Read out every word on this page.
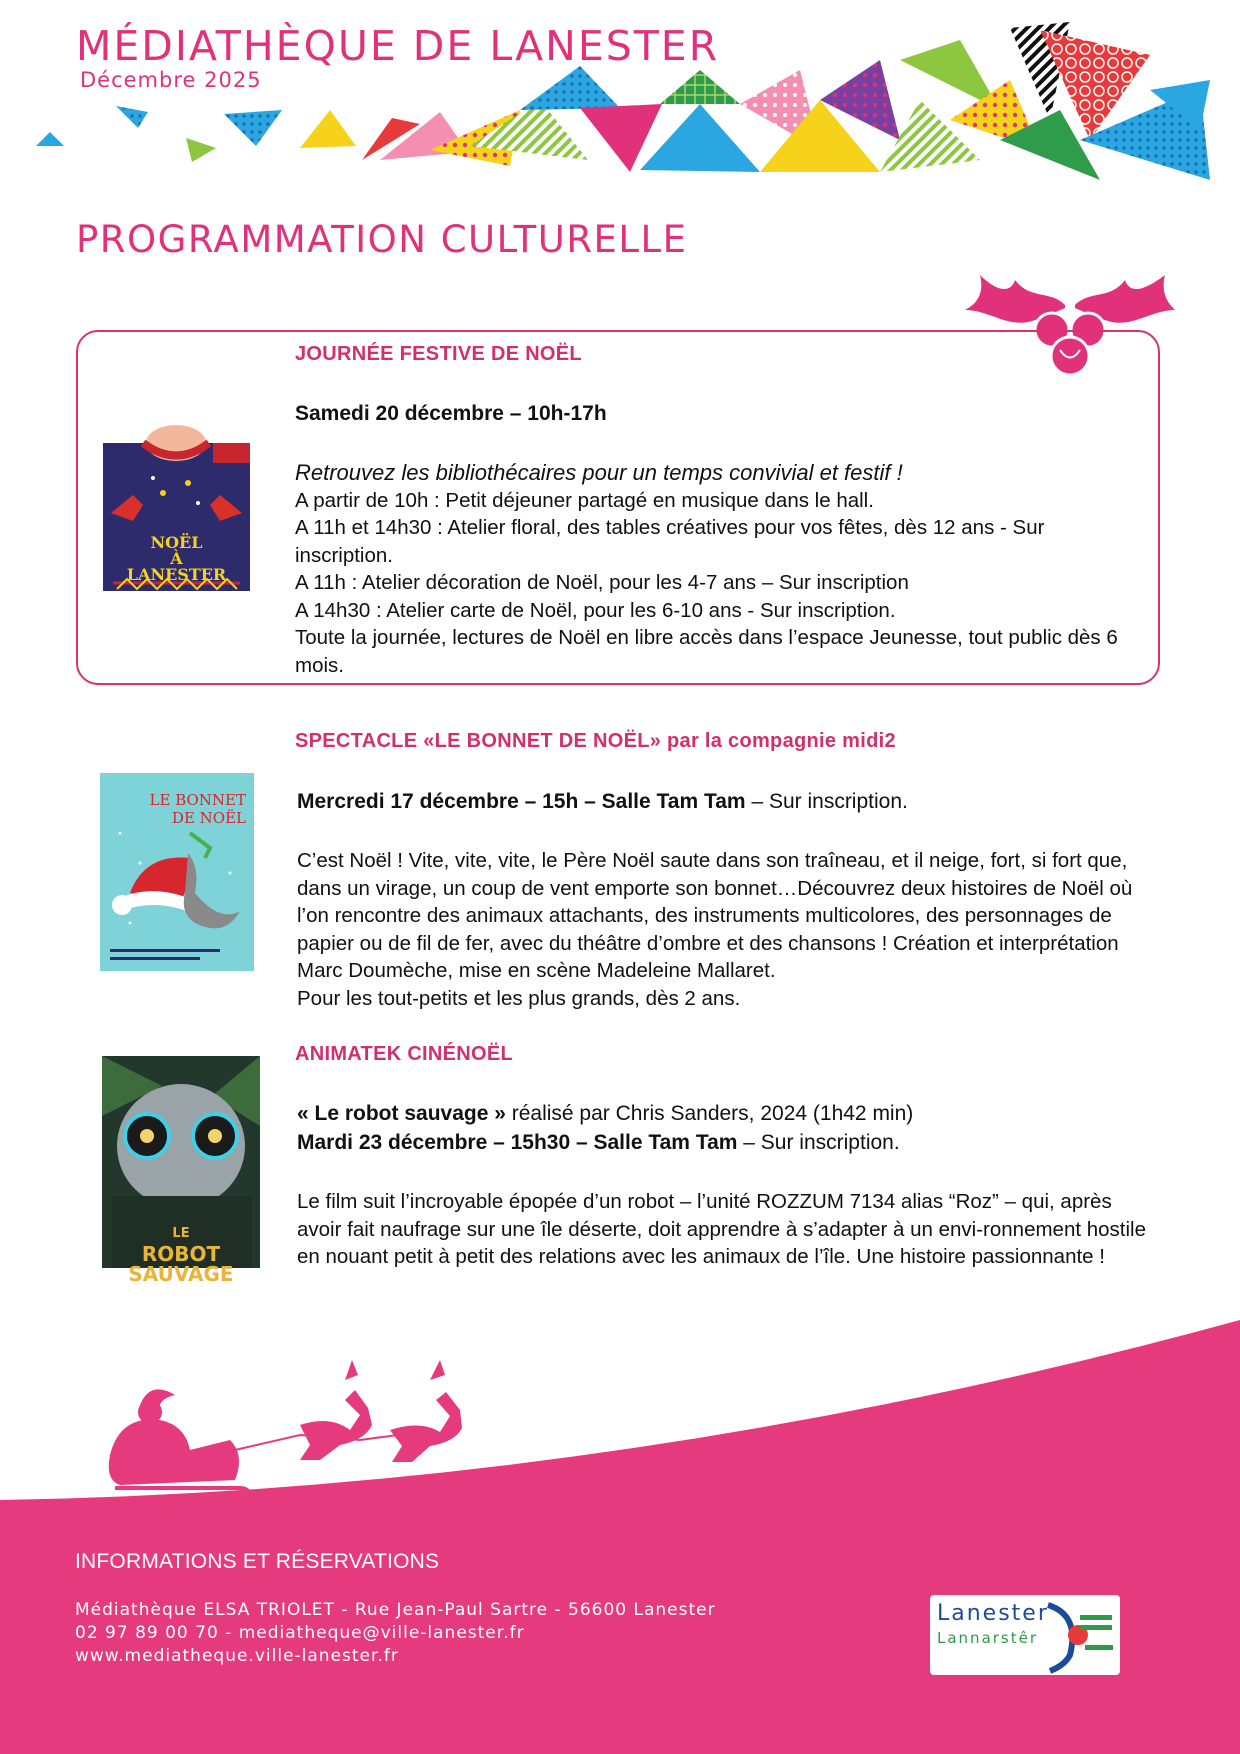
MÉDIATHÈQUE DE LANESTER
Décembre 2025
PROGRAMMATION CULTURELLE
JOURNÉE FESTIVE DE NOËL
Samedi 20 décembre – 10h-17h

Retrouvez les bibliothécaires pour un temps convivial et festif !

A partir de 10h : Petit déjeuner partagé en musique dans le hall.

A 11h et 14h30 : Atelier floral, des tables créatives pour vos fêtes, dès 12 ans - Sur inscription.

A 11h : Atelier décoration de Noël, pour les 4-7 ans – Sur inscription

A 14h30 : Atelier carte de Noël, pour les 6-10 ans - Sur inscription.

Toute la journée, lectures de Noël en libre accès dans l’espace Jeunesse, tout public dès 6 mois.

NOËL
À
LANESTER
SPECTACLE «LE BONNET DE NOËL» par la compagnie midi2
Mercredi 17 décembre – 15h – Salle Tam Tam – Sur inscription.

C’est Noël ! Vite, vite, vite, le Père Noël saute dans son traîneau, et il neige, fort, si fort que, dans un virage, un coup de vent emporte son bonnet…Découvrez deux histoires de Noël où l’on rencontre des animaux attachants, des instruments multicolores, des personnages de papier ou de fil de fer, avec du théâtre d’ombre et des chansons ! Création et interprétation Marc Doumèche, mise en scène Madeleine Mallaret.

Pour les tout-petits et les plus grands, dès 2 ans.

LE BONNET
DE NOËL
ANIMATEK CINÉNOËL
« Le robot sauvage » réalisé par Chris Sanders, 2024 (1h42 min)
Mardi 23 décembre – 15h30 – Salle Tam Tam – Sur inscription.

Le film suit l’incroyable épopée d’un robot – l’unité ROZZUM 7134 alias “Roz” – qui, après avoir fait naufrage sur une île déserte, doit apprendre à s’adapter à un envi-ronnement hostile en nouant petit à petit des relations avec les animaux de l’île. Une histoire passionnante !

LE
ROBOT
SAUVAGE
INFORMATIONS ET RÉSERVATIONS
Médiathèque ELSA TRIOLET - Rue Jean-Paul Sartre - 56600 Lanester
02 97 89 00 70 - mediatheque@ville-lanester.fr
www.mediatheque.ville-lanester.fr
Lanester
Lannarstêr
